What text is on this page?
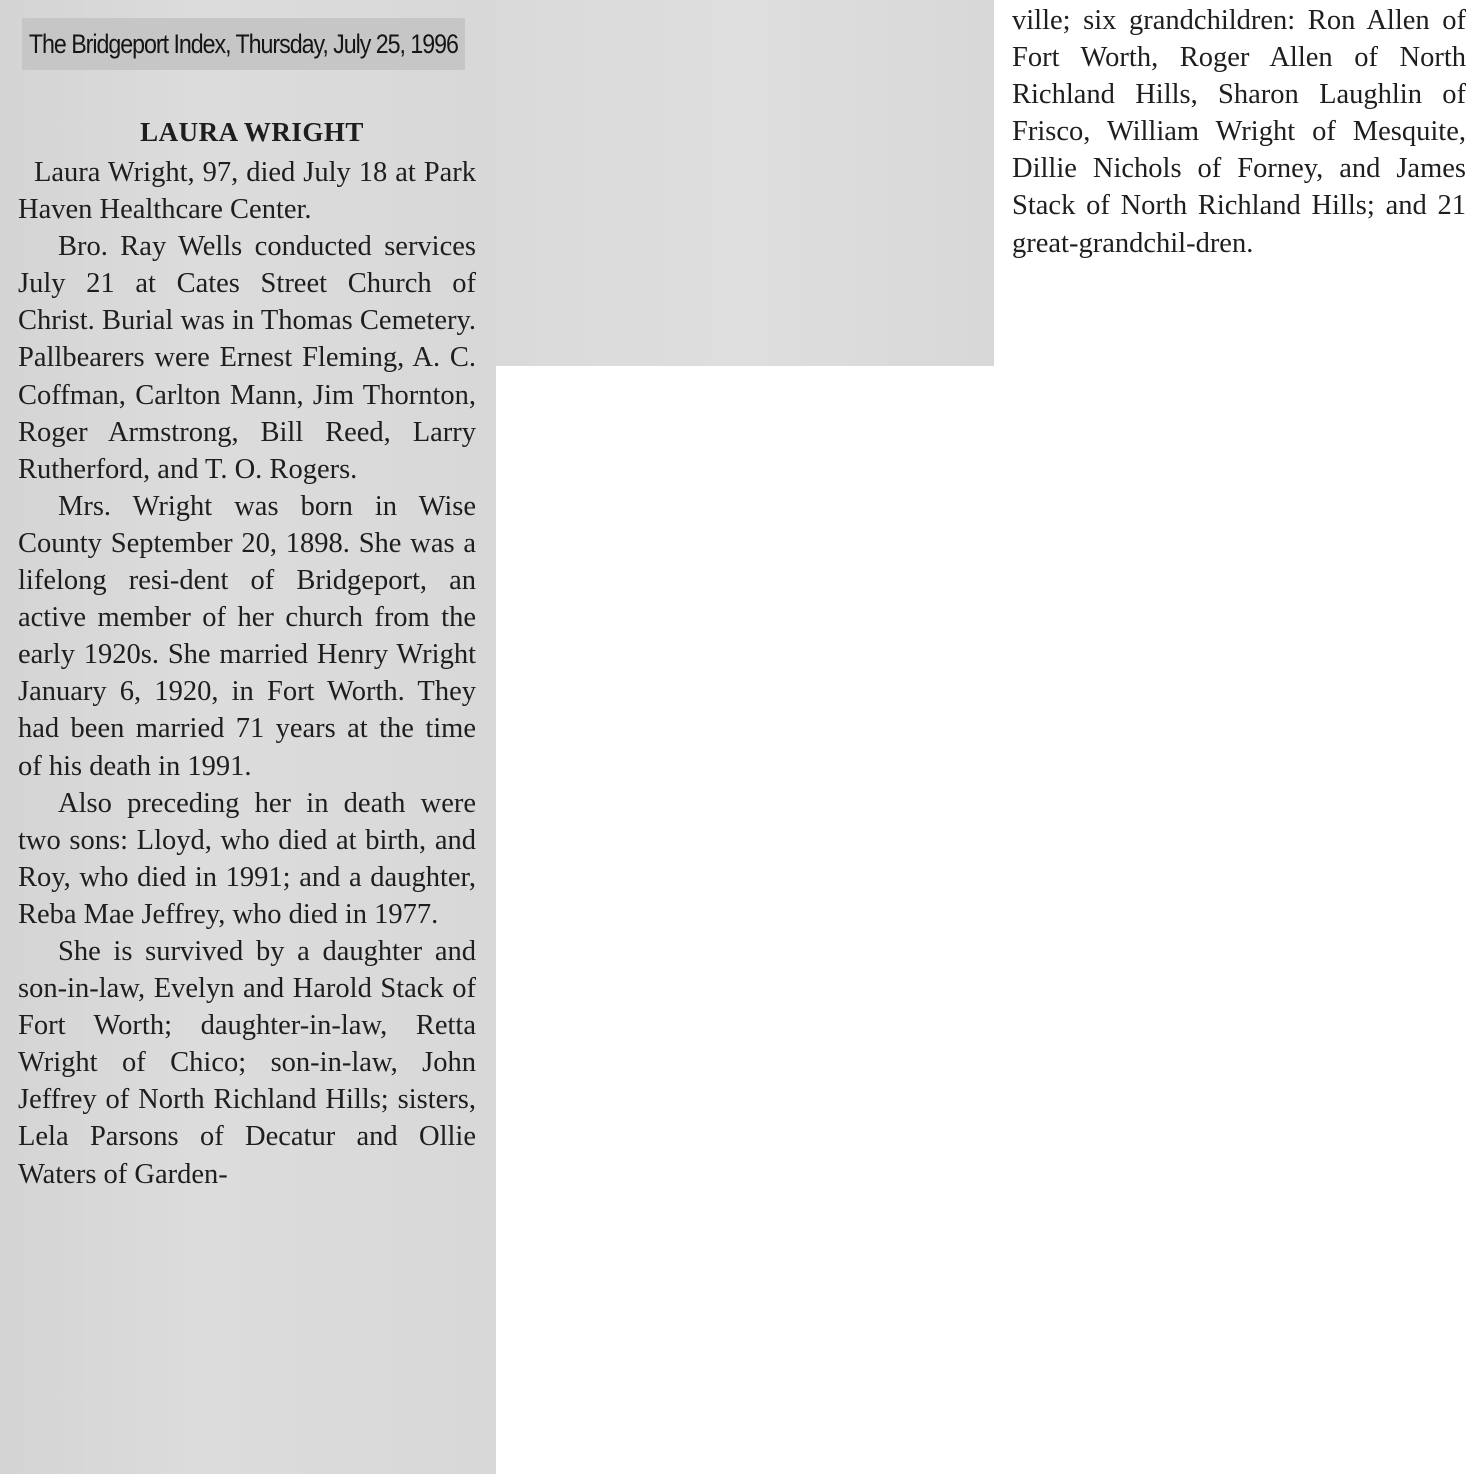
The Bridgeport Index, Thursday, July 25, 1996
LAURA WRIGHT

Laura Wright, 97, died July 18 at Park Haven Healthcare Center.

Bro. Ray Wells conducted services July 21 at Cates Street Church of Christ. Burial was in Thomas Cemetery. Pallbearers were Ernest Fleming, A. C. Coffman, Carlton Mann, Jim Thornton, Roger Armstrong, Bill Reed, Larry Rutherford, and T. O. Rogers.

Mrs. Wright was born in Wise County September 20, 1898. She was a lifelong resi-dent of Bridgeport, an active member of her church from the early 1920s. She married Henry Wright January 6, 1920, in Fort Worth. They had been married 71 years at the time of his death in 1991.

Also preceding her in death were two sons: Lloyd, who died at birth, and Roy, who died in 1991; and a daughter, Reba Mae Jeffrey, who died in 1977.

She is survived by a daughter and son-in-law, Evelyn and Harold Stack of Fort Worth; daughter-in-law, Retta Wright of Chico; son-in-law, John Jeffrey of North Richland Hills; sisters, Lela Parsons of Decatur and Ollie Waters of Garden-

ville; six grandchildren: Ron Allen of Fort Worth, Roger Allen of North Richland Hills, Sharon Laughlin of Frisco, William Wright of Mesquite, Dillie Nichols of Forney, and James Stack of North Richland Hills; and 21 great-grandchil-dren.
